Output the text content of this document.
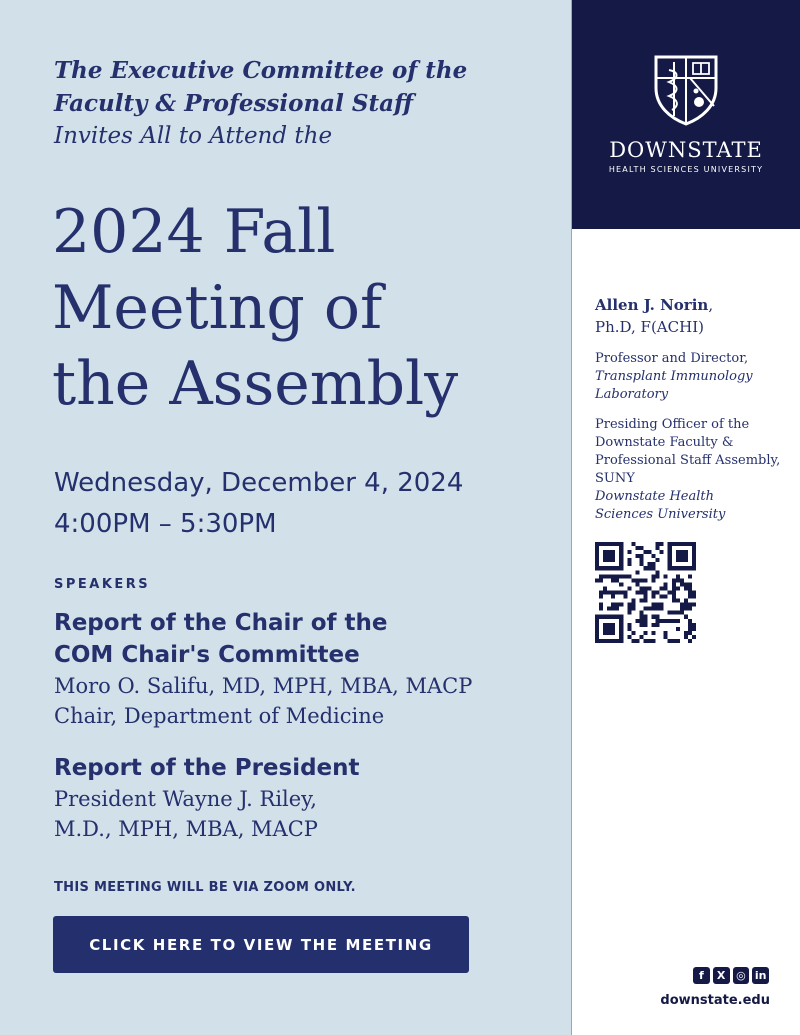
The Executive Committee of the
Faculty & Professional Staff
Invites All to Attend the
2024 Fall
Meeting of
the Assembly
Wednesday, December 4, 2024
4:00PM – 5:30PM
SPEAKERS
Report of the Chair of the
COM Chair's Committee
Moro O. Salifu, MD, MPH, MBA, MACP
Chair, Department of Medicine
Report of the President
President Wayne J. Riley,
M.D., MPH, MBA, MACP
THIS MEETING WILL BE VIA ZOOM ONLY.
CLICK HERE TO VIEW THE MEETING
DOWNSTATE
HEALTH SCIENCES UNIVERSITY
Allen J. Norin,
Ph.D, F(ACHI)
Professor and Director,
Transplant Immunology
Laboratory
Presiding Officer of the
Downstate Faculty &
Professional Staff Assembly,
SUNY
Downstate Health
Sciences University
f	X ◎ in
downstate.edu
